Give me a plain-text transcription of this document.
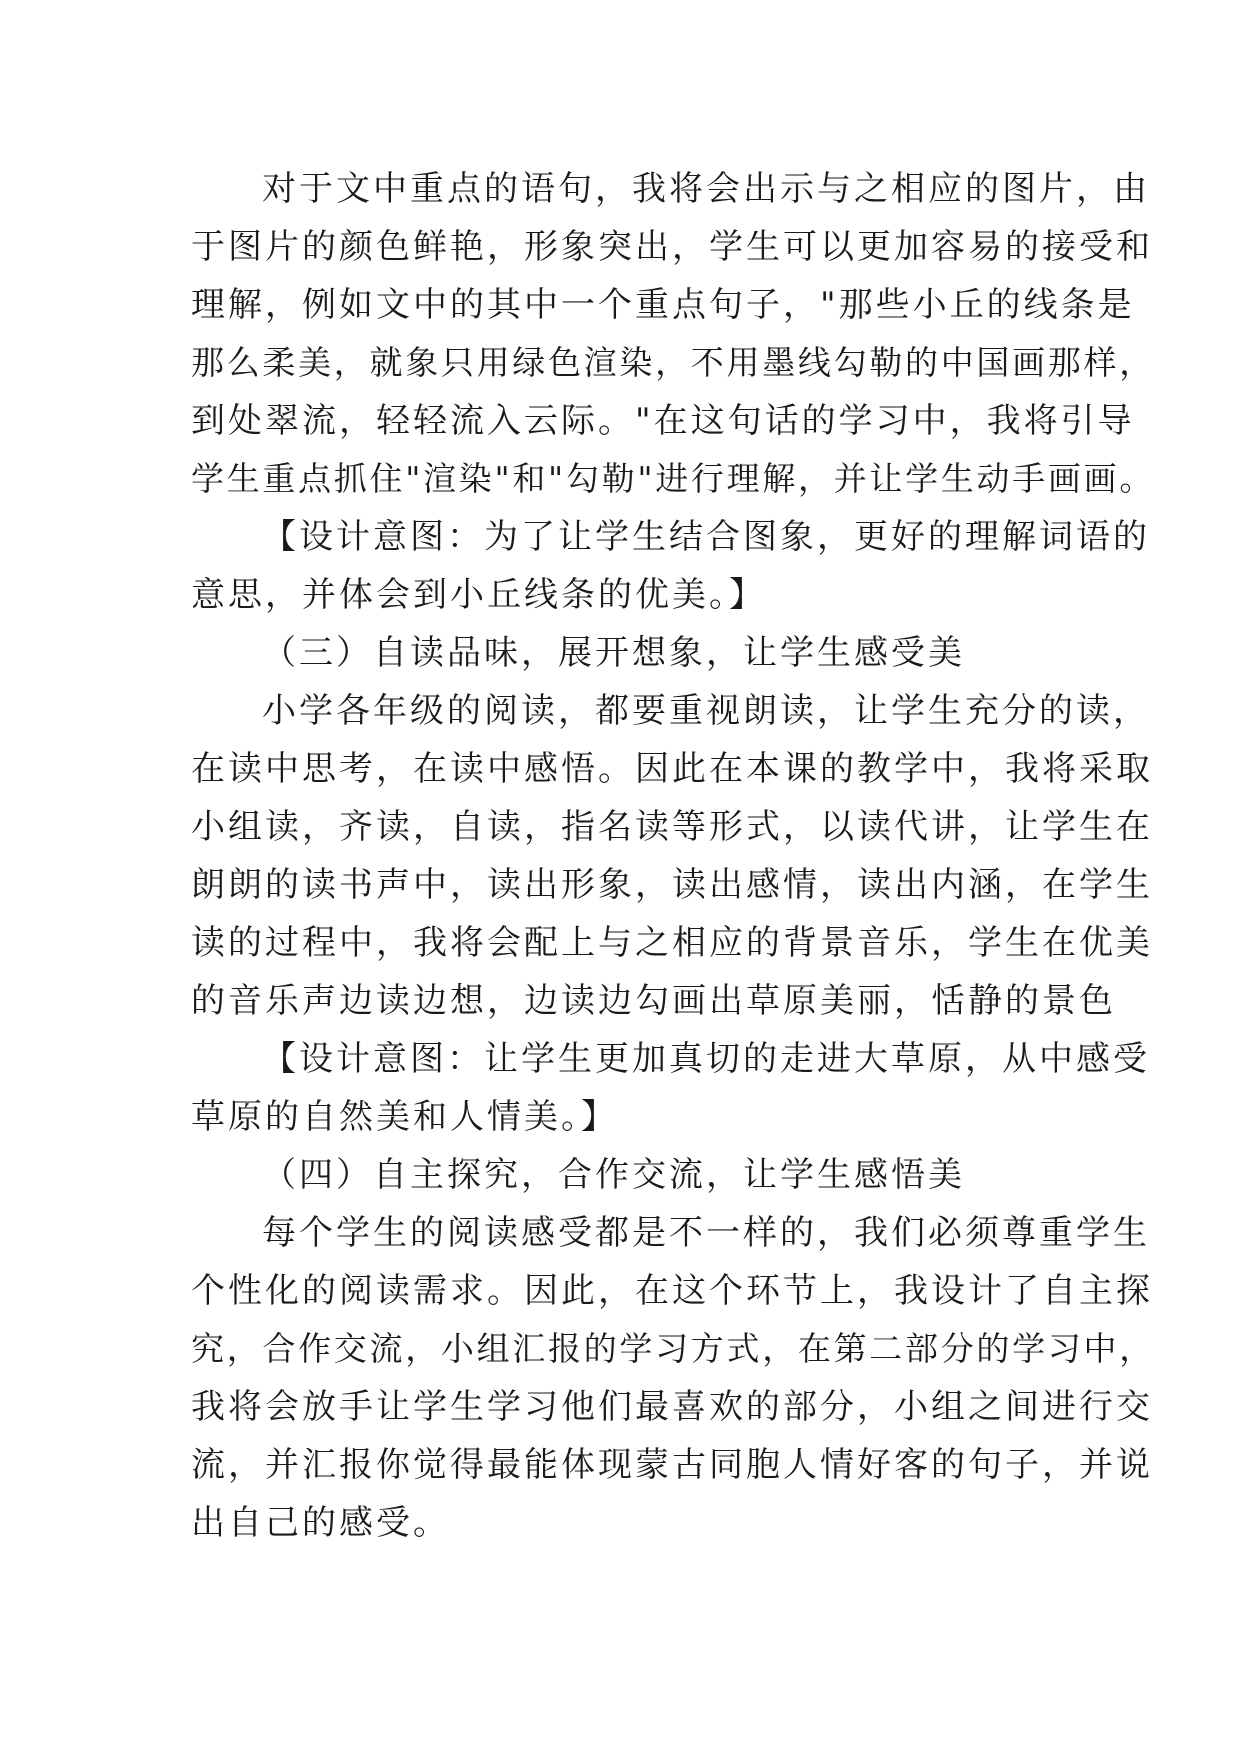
对于文中重点的语句，我将会出示与之相应的图片，由
于图片的颜色鲜艳，形象突出，学生可以更加容易的接受和
理解，例如文中的其中一个重点句子，"那些小丘的线条是
那么柔美，就象只用绿色渲染，不用墨线勾勒的中国画那样，
到处翠流，轻轻流入云际。"在这句话的学习中，我将引导
学生重点抓住"渲染"和"勾勒"进行理解，并让学生动手画画。
【设计意图：为了让学生结合图象，更好的理解词语的
意思，并体会到小丘线条的优美。】
（三）自读品味，展开想象，让学生感受美
小学各年级的阅读，都要重视朗读，让学生充分的读，
在读中思考，在读中感悟。因此在本课的教学中，我将采取
小组读，齐读，自读，指名读等形式，以读代讲，让学生在
朗朗的读书声中，读出形象，读出感情，读出内涵，在学生
读的过程中，我将会配上与之相应的背景音乐，学生在优美
的音乐声边读边想，边读边勾画出草原美丽，恬静的景色
【设计意图：让学生更加真切的走进大草原，从中感受
草原的自然美和人情美。】
（四）自主探究，合作交流，让学生感悟美
每个学生的阅读感受都是不一样的，我们必须尊重学生
个性化的阅读需求。因此，在这个环节上，我设计了自主探
究，合作交流，小组汇报的学习方式，在第二部分的学习中，
我将会放手让学生学习他们最喜欢的部分，小组之间进行交
流，并汇报你觉得最能体现蒙古同胞人情好客的句子，并说
出自己的感受。
